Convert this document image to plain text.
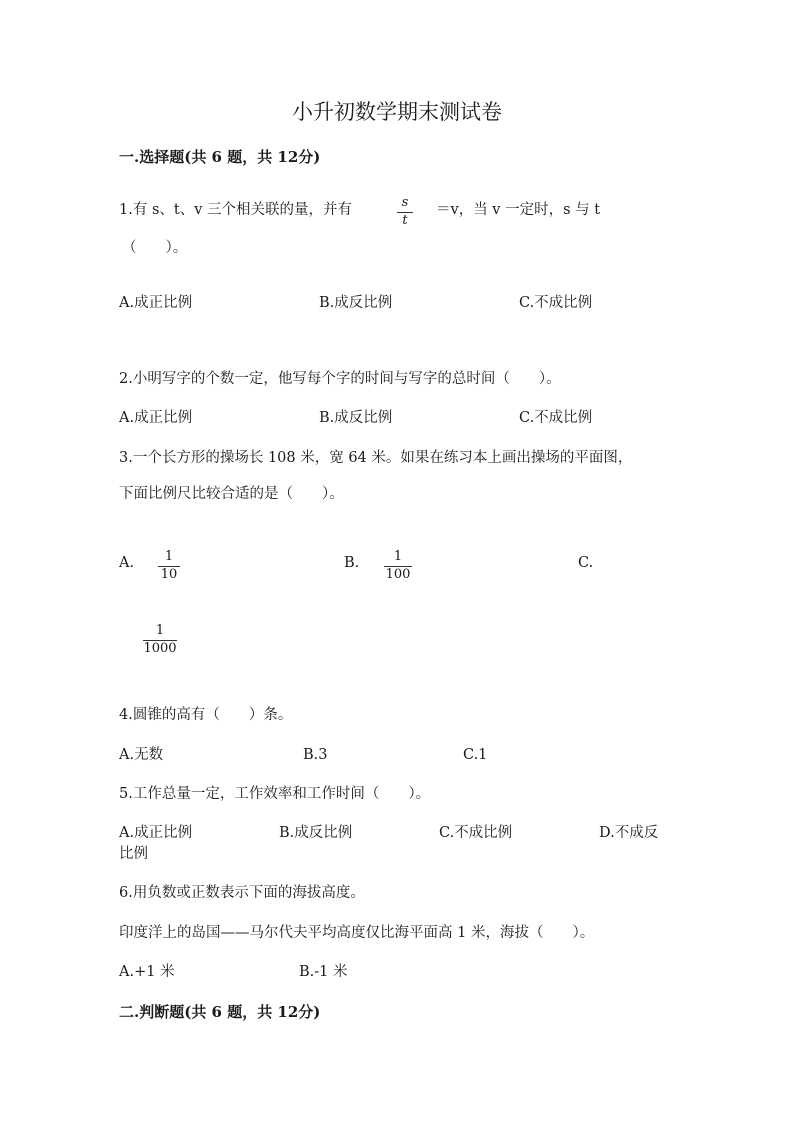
小升初数学期末测试卷
一.选择题(共 6 题，共 12分)
1.有 s、t、v 三个相关联的量，并有	s
t
＝v，当 v 一定时，s 与 t
（　　）。
A.成正比例	B.成反比例	C.不成比例
2.小明写字的个数一定，他写每个字的时间与写字的总时间（　　）。
A.成正比例	B.成反比例	C.不成比例
3.一个长方形的操场长 108 米，宽 64 米。如果在练习本上画出操场的平面图，
下面比例尺比较合适的是（　　）。
A.	1
10
B.	1
100
C.
1
1000
4.圆锥的高有（　　）条。
A.无数	B.3	C.1
5.工作总量一定，工作效率和工作时间（　　）。
A.成正比例	B.成反比例	C.不成比例	D.不成反
比例
6.用负数或正数表示下面的海拔高度。
印度洋上的岛国——马尔代夫平均高度仅比海平面高 1 米，海拔（　　）。
A.+1 米	B.-1 米
二.判断题(共 6 题，共 12分)
